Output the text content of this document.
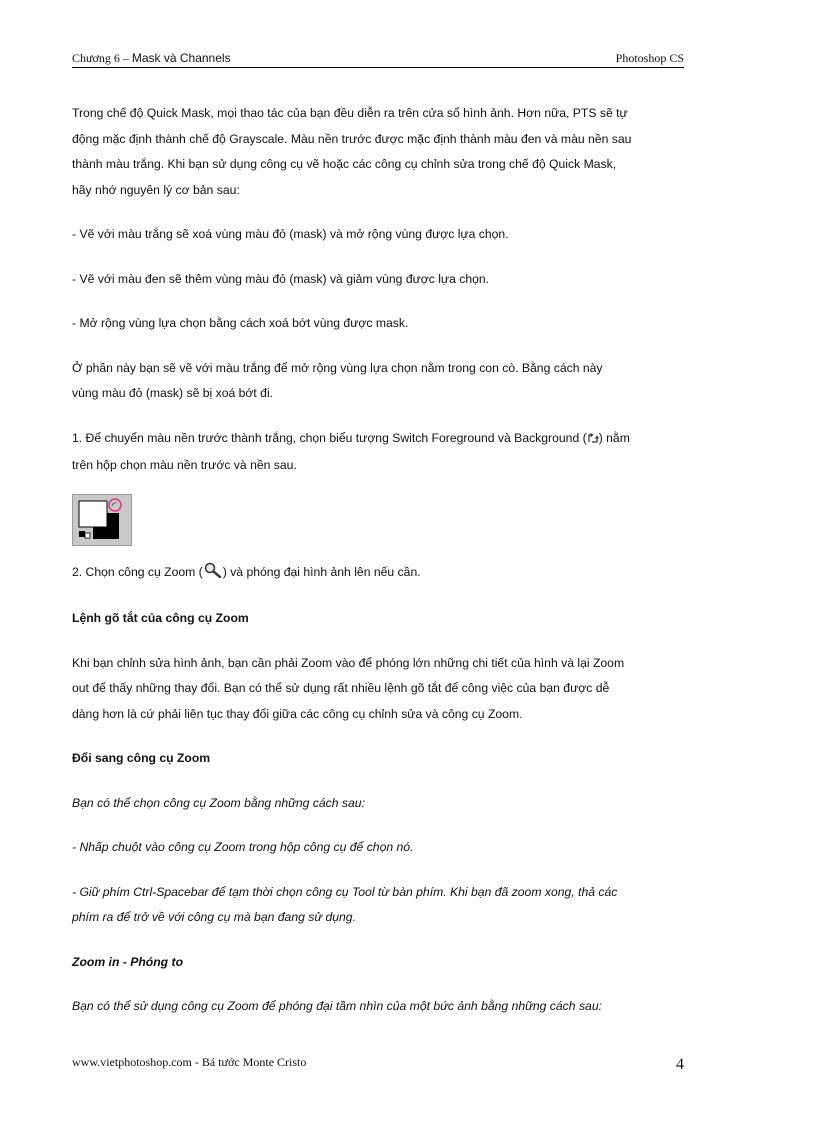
Chương 6 – Mask và Channels	Photoshop CS

Trong chế độ Quick Mask, mọi thao tác của bạn đều diễn ra trên cửa sổ hình ảnh. Hơn nữa, PTS sẽ tự
động mặc định thành chế độ Grayscale. Màu nền trước được mặc định thành màu đen và màu nền sau
thành màu trắng. Khi bạn sử dụng công cụ vẽ hoặc các công cụ chỉnh sửa trong chế độ Quick Mask,
hãy nhớ nguyên lý cơ bản sau:

- Vẽ với màu trắng sẽ xoá vùng màu đỏ (mask) và mở rộng vùng được lựa chọn.

- Vẽ với màu đen sẽ thêm vùng màu đỏ (mask) và giảm vùng được lựa chọn.

- Mở rộng vùng lựa chọn bằng cách xoá bớt vùng được mask.

Ở phần này bạn sẽ vẽ với màu trắng để mở rộng vùng lựa chọn nằm trong con cò. Bằng cách này
vùng màu đỏ (mask) sẽ bị xoá bớt đi.

1. Để chuyển màu nền trước thành trắng, chọn biểu tượng Switch Foreground và Background ( ) nằm
trên hộp chọn màu nền trước và nền sau.

2. Chọn công cụ Zoom ( ) và phóng đại hình ảnh lên nếu cần.

Lệnh gõ tắt của công cụ Zoom

Khi bạn chỉnh sửa hình ảnh, bạn cần phải Zoom vào để phóng lớn những chi tiết của hình và lại Zoom
out để thấy những thay đổi. Bạn có thể sử dụng rất nhiều lệnh gõ tắt để công việc của bạn được dễ
dàng hơn là cứ phải liên tục thay đổi giữa các công cụ chỉnh sửa và công cụ Zoom.

Đổi sang công cụ Zoom

Bạn có thể chọn công cụ Zoom bằng những cách sau:

- Nhấp chuột vào công cụ Zoom trong hộp công cụ để chọn nó.

- Giữ phím Ctrl-Spacebar để tạm thời chọn công cụ Tool từ bàn phím. Khi bạn đã zoom xong, thả các
phím ra để trở về với công cụ mà bạn đang sử dụng.

Zoom in - Phóng to

Bạn có thể sử dụng công cụ Zoom để phóng đại tầm nhìn của một bức ảnh bằng những cách sau:

www.vietphotoshop.com - Bá tước Monte Cristo	4
